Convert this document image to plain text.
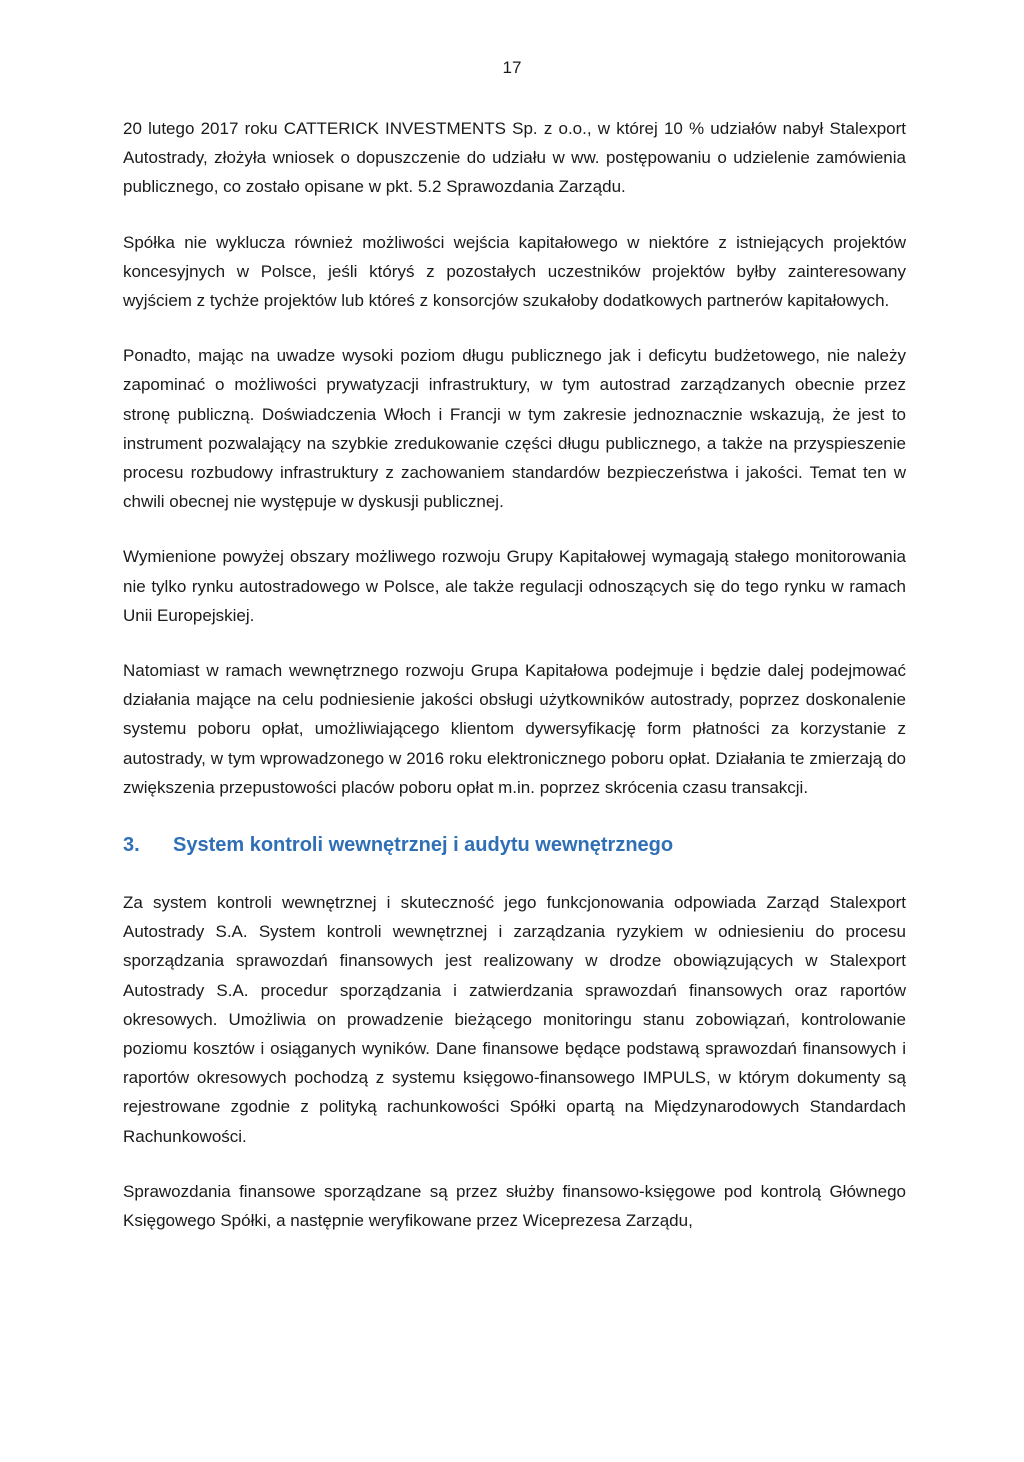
17

20 lutego 2017 roku CATTERICK INVESTMENTS Sp. z o.o., w której 10 % udziałów nabył Stalexport Autostrady, złożyła wniosek o dopuszczenie do udziału w ww. postępowaniu o udzielenie zamówienia publicznego, co zostało opisane w pkt. 5.2 Sprawozdania Zarządu.

Spółka nie wyklucza również możliwości wejścia kapitałowego w niektóre z istniejących projektów koncesyjnych w Polsce, jeśli któryś z pozostałych uczestników projektów byłby zainteresowany wyjściem z tychże projektów lub któreś z konsorcjów szukałoby dodatkowych partnerów kapitałowych.

Ponadto, mając na uwadze wysoki poziom długu publicznego jak i deficytu budżetowego, nie należy zapominać o możliwości prywatyzacji infrastruktury, w tym autostrad zarządzanych obecnie przez stronę publiczną. Doświadczenia Włoch i Francji w tym zakresie jednoznacznie wskazują, że jest to instrument pozwalający na szybkie zredukowanie części długu publicznego, a także na przyspieszenie procesu rozbudowy infrastruktury z zachowaniem standardów bezpieczeństwa i jakości. Temat ten w chwili obecnej nie występuje w dyskusji publicznej.

Wymienione powyżej obszary możliwego rozwoju Grupy Kapitałowej wymagają stałego monitorowania nie tylko rynku autostradowego w Polsce, ale także regulacji odnoszących się do tego rynku w ramach Unii Europejskiej.

Natomiast w ramach wewnętrznego rozwoju Grupa Kapitałowa podejmuje i będzie dalej podejmować działania mające na celu podniesienie jakości obsługi użytkowników autostrady, poprzez doskonalenie systemu poboru opłat, umożliwiającego klientom dywersyfikację form płatności za korzystanie z autostrady, w tym wprowadzonego w 2016 roku elektronicznego poboru opłat. Działania te zmierzają do zwiększenia przepustowości placów poboru opłat m.in. poprzez skrócenia czasu transakcji.

3.	System kontroli wewnętrznej i audytu wewnętrznego

Za system kontroli wewnętrznej i skuteczność jego funkcjonowania odpowiada Zarząd Stalexport Autostrady S.A. System kontroli wewnętrznej i zarządzania ryzykiem w odniesieniu do procesu sporządzania sprawozdań finansowych jest realizowany w drodze obowiązujących w Stalexport Autostrady S.A. procedur sporządzania i zatwierdzania sprawozdań finansowych oraz raportów okresowych. Umożliwia on prowadzenie bieżącego monitoringu stanu zobowiązań, kontrolowanie poziomu kosztów i osiąganych wyników. Dane finansowe będące podstawą sprawozdań finansowych i raportów okresowych pochodzą z systemu księgowo-finansowego IMPULS, w którym dokumenty są rejestrowane zgodnie z polityką rachunkowości Spółki opartą na Międzynarodowych Standardach Rachunkowości.

Sprawozdania finansowe sporządzane są przez służby finansowo-księgowe pod kontrolą Głównego Księgowego Spółki, a następnie weryfikowane przez Wiceprezesa Zarządu,
